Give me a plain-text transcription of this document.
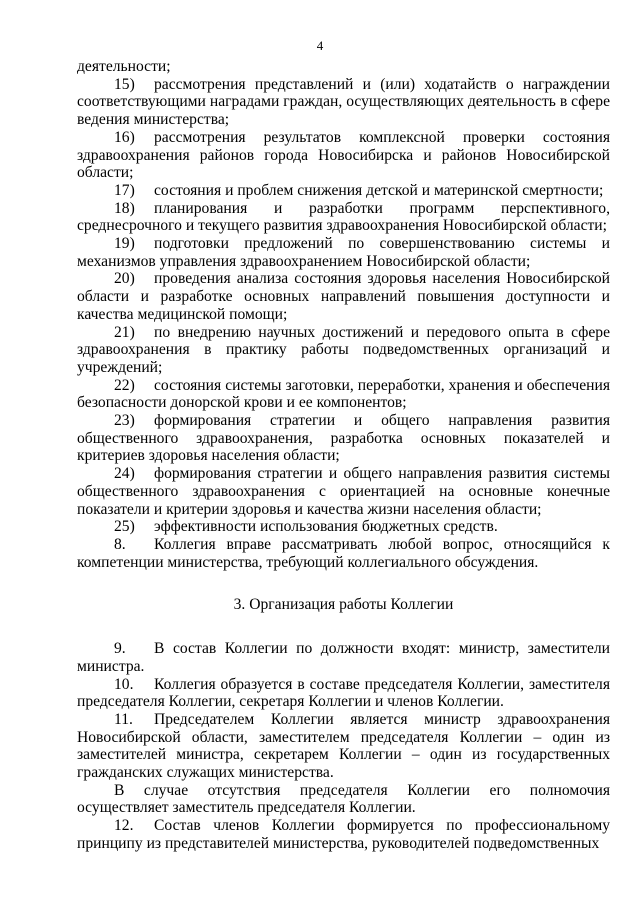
4

деятельности;

15) рассмотрения представлений и (или) ходатайств о награждении соответствующими наградами граждан, осуществляющих деятельность в сфере ведения министерства;

16) рассмотрения результатов комплексной проверки состояния здравоохранения районов города Новосибирска и районов Новосибирской области;

17) состояния и проблем снижения детской и материнской смертности;

18) планирования и разработки программ перспективного, среднесрочного и текущего развития здравоохранения Новосибирской области;

19) подготовки предложений по совершенствованию системы и механизмов управления здравоохранением Новосибирской области;

20) проведения анализа состояния здоровья населения Новосибирской области и разработке основных направлений повышения доступности и качества медицинской помощи;

21) по внедрению научных достижений и передового опыта в сфере здравоохранения в практику работы подведомственных организаций и учреждений;

22) состояния системы заготовки, переработки, хранения и обеспечения безопасности донорской крови и ее компонентов;

23) формирования стратегии и общего направления развития общественного здравоохранения, разработка основных показателей и критериев здоровья населения области;

24) формирования стратегии и общего направления развития системы общественного здравоохранения с ориентацией на основные конечные показатели и критерии здоровья и качества жизни населения области;

25) эффективности использования бюджетных средств.

8. Коллегия вправе рассматривать любой вопрос, относящийся к компетенции министерства, требующий коллегиального обсуждения.

3. Организация работы Коллегии

9. В состав Коллегии по должности входят: министр, заместители министра.

10. Коллегия образуется в составе председателя Коллегии, заместителя председателя Коллегии, секретаря Коллегии и членов Коллегии.

11. Председателем Коллегии является министр здравоохранения Новосибирской области, заместителем председателя Коллегии – один из заместителей министра, секретарем Коллегии – один из государственных гражданских служащих министерства.

В случае отсутствия председателя Коллегии его полномочия осуществляет заместитель председателя Коллегии.

12. Состав членов Коллегии формируется по профессиональному принципу из представителей министерства, руководителей подведомственных
